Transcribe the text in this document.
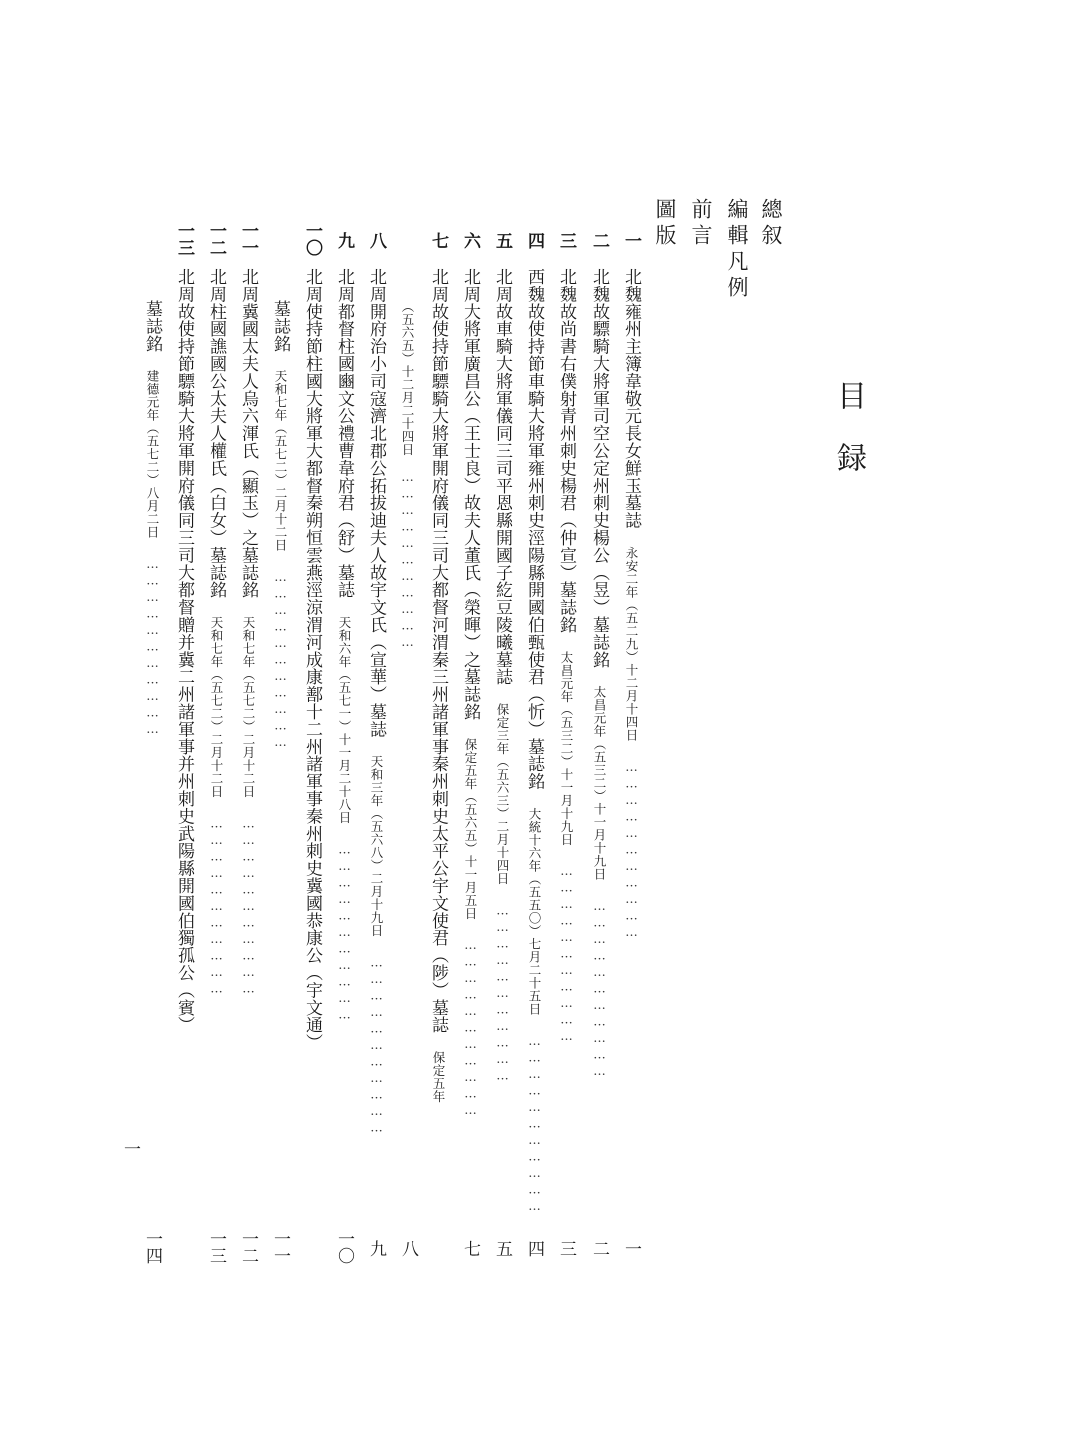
目録
總叙
編輯凡例
前言
圖版
一
北魏雍州主簿韋敬元長女鮮玉墓誌　永安二年（五二九）十二月十四日　……………………………
一
二
北魏故驃騎大將軍司空公定州刺史楊公（昱）墓誌銘　太昌元年（五三二）十一月十九日　……………………………
二
三
北魏故尚書右僕射青州刺史楊君（仲宣）墓誌銘　太昌元年（五三二）十一月十九日　……………………………
三
四
西魏故使持節車騎大將軍雍州刺史涇陽縣開國伯甄使君（忻）墓誌銘　大統十六年（五五〇）七月二十五日　……………………………
四
五
北周故車騎大將軍儀同三司平恩縣開國子紇豆陵曦墓誌　保定三年（五六三）二月十四日　……………………………
五
六
北周大將軍廣昌公（王士良）故夫人董氏（榮暉）之墓誌銘　保定五年（五六五）十一月五日　……………………………
七
七
北周故使持節驃騎大將軍開府儀同三司大都督河渭秦三州諸軍事秦州刺史太平公宇文使君（陟）墓誌　保定五年
（五六五）十二月二十四日　……………………………
八
八
北周開府治小司寇濟北郡公拓拔迪夫人故宇文氏（宣華）墓誌　天和三年（五六八）二月十九日　……………………………
九
九
北周都督柱國豳文公禮曹韋府君（舒）墓誌　天和六年（五七一）十一月二十八日　……………………………
一〇
一〇
北周使持節柱國大將軍大都督秦朔恒雲燕涇涼渭河成康鄯十二州諸軍事秦州刺史冀國恭康公（宇文通）
墓誌銘　天和七年（五七二）二月十二日　……………………………
一一
一一
北周冀國太夫人烏六渾氏（顯玉）之墓誌銘　天和七年（五七二）二月十二日　……………………………
一二
一二
北周柱國譙國公太夫人權氏（白女）墓誌銘　天和七年（五七二）二月十二日　……………………………
一三
一三
北周故使持節驃騎大將軍開府儀同三司大都督贈并冀二州諸軍事并州刺史武陽縣開國伯獨孤公（賓）
墓誌銘　建德元年（五七二）八月二日　……………………………
一四
一
